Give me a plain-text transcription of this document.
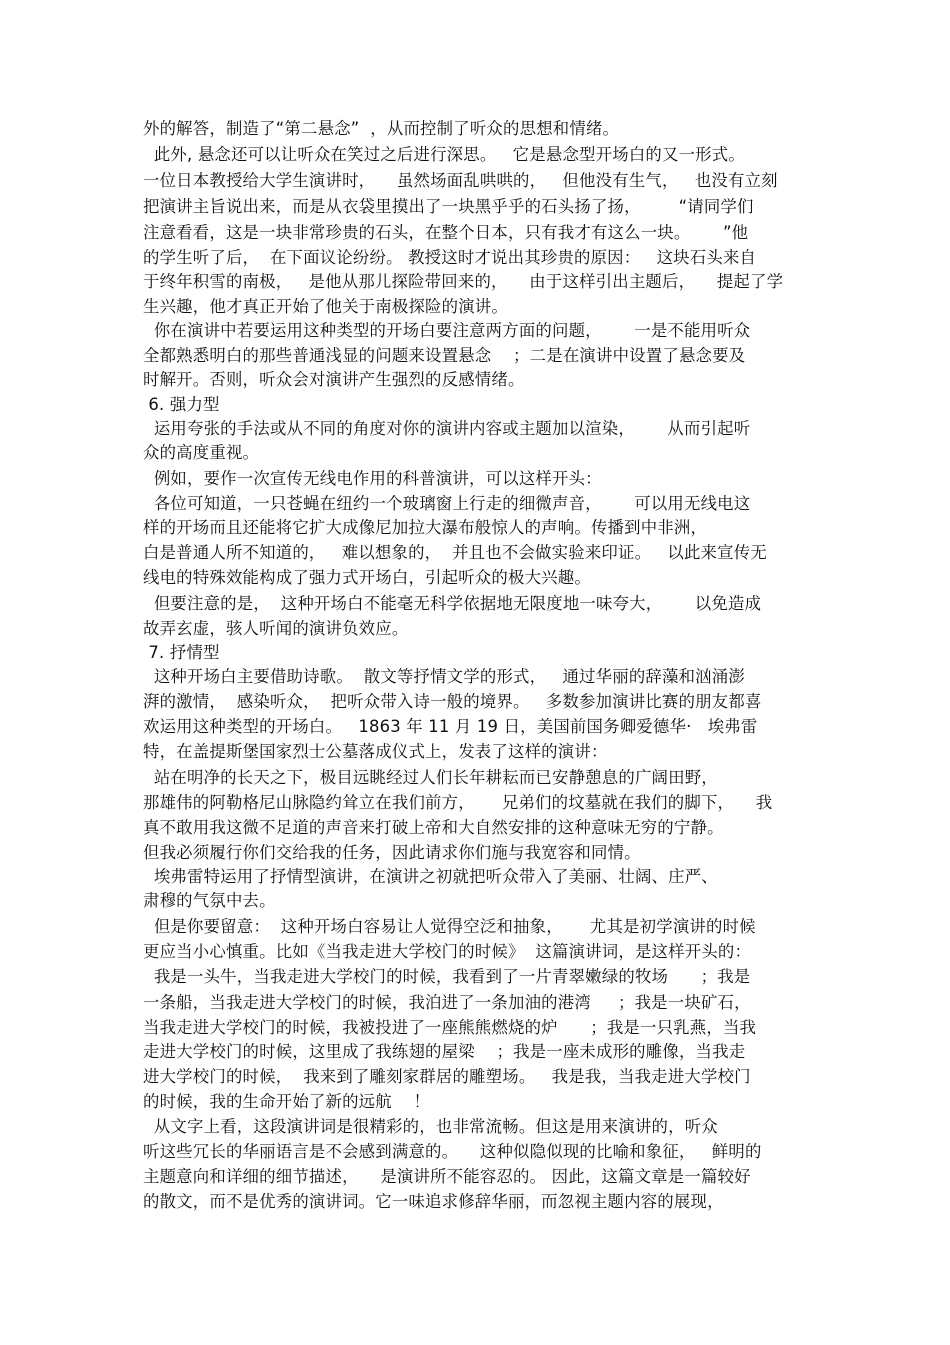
外的解答，制造了“第二悬念”  ，从而控制了听众的思想和情绪。
此外, 悬念还可以让听众在笑过之后进行深思。   它是悬念型开场白的又一形式。
一位日本教授给大学生演讲时，    虽然场面乱哄哄的，   但他没有生气，   也没有立刻
把演讲主旨说出来，而是从衣袋里摸出了一块黑乎乎的石头扬了扬，       “请同学们
注意看看，这是一块非常珍贵的石头，在整个日本，只有我才有这么一块。      ”他
的学生听了后，  在下面议论纷纷。 教授这时才说出其珍贵的原因：   这块石头来自
于终年积雪的南极，   是他从那儿探险带回来的，    由于这样引出主题后，    提起了学
生兴趣，他才真正开始了他关于南极探险的演讲。
你在演讲中若要运用这种类型的开场白要注意两方面的问题，      一是不能用听众
全都熟悉明白的那些普通浅显的问题来设置悬念    ；二是在演讲中设置了悬念要及
时解开。否则，听众会对演讲产生强烈的反感情绪。
6. 强力型
运用夸张的手法或从不同的角度对你的演讲内容或主题加以渲染，      从而引起听
众的高度重视。
例如，要作一次宣传无线电作用的科普演讲，可以这样开头：
各位可知道，一只苍蝇在纽约一个玻璃窗上行走的细微声音，      可以用无线电这
样的开场而且还能将它扩大成像尼加拉大瀑布般惊人的声响。传播到中非洲，
白是普通人所不知道的，   难以想象的，  并且也不会做实验来印证。   以此来宣传无
线电的特殊效能构成了强力式开场白，引起听众的极大兴趣。
但要注意的是，  这种开场白不能毫无科学依据地无限度地一味夸大，      以免造成
故弄玄虚，骇人听闻的演讲负效应。
7. 抒情型
这种开场白主要借助诗歌。  散文等抒情文学的形式，   通过华丽的辞藻和汹涌澎
湃的激情，  感染听众，  把听众带入诗一般的境界。   多数参加演讲比赛的朋友都喜
欢运用这种类型的开场白。   1863 年 11 月 19 日，美国前国务卿爱德华·   埃弗雷
特，在盖提斯堡国家烈士公墓落成仪式上，发表了这样的演讲：
站在明净的长天之下，极目远眺经过人们长年耕耘而已安静憩息的广阔田野，
那雄伟的阿勒格尼山脉隐约耸立在我们前方，     兄弟们的坟墓就在我们的脚下，    我
真不敢用我这微不足道的声音来打破上帝和大自然安排的这种意味无穷的宁静。
但我必须履行你们交给我的任务，因此请求你们施与我宽容和同情。
埃弗雷特运用了抒情型演讲，在演讲之初就把听众带入了美丽、壮阔、庄严、
肃穆的气氛中去。
但是你要留意：  这种开场白容易让人觉得空泛和抽象，     尤其是初学演讲的时候
更应当小心慎重。比如《当我走进大学校门的时候》  这篇演讲词，是这样开头的：
我是一头牛，当我走进大学校门的时候，我看到了一片青翠嫩绿的牧场      ；我是
一条船，当我走进大学校门的时候，我泊进了一条加油的港湾     ；我是一块矿石，
当我走进大学校门的时候，我被投进了一座熊熊燃烧的炉      ；我是一只乳燕，当我
走进大学校门的时候，这里成了我练翅的屋梁    ；我是一座未成形的雕像，当我走
进大学校门的时候，  我来到了雕刻家群居的雕塑场。   我是我，当我走进大学校门
的时候，我的生命开始了新的远航    ！
从文字上看，这段演讲词是很精彩的，也非常流畅。但这是用来演讲的，听众
听这些冗长的华丽语言是不会感到满意的。    这种似隐似现的比喻和象征，   鲜明的
主题意向和详细的细节描述，    是演讲所不能容忍的。 因此，这篇文章是一篇较好
的散文，而不是优秀的演讲词。它一味追求修辞华丽，而忽视主题内容的展现，
